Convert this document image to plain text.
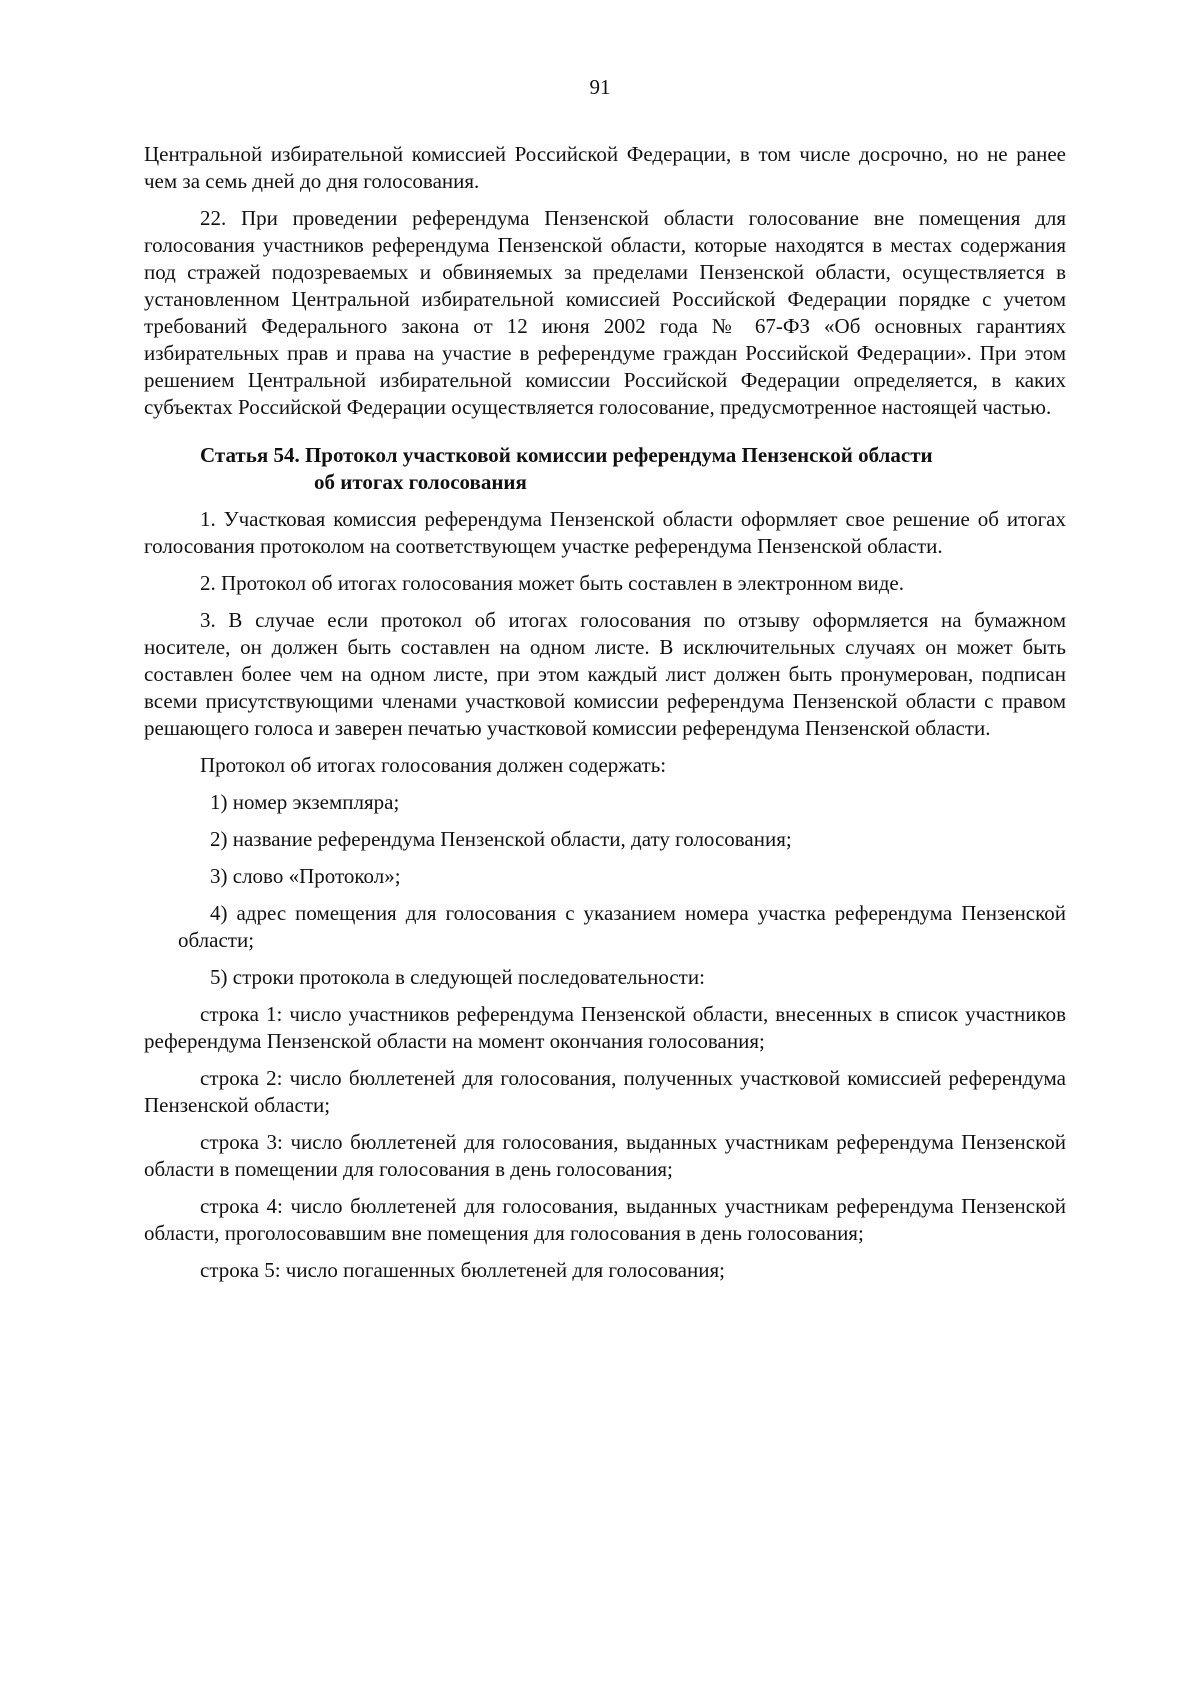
91

Центральной избирательной комиссией Российской Федерации, в том числе досрочно, но не ранее чем за семь дней до дня голосования.

22. При проведении референдума Пензенской области голосование вне помещения для голосования участников референдума Пензенской области, которые находятся в местах содержания под стражей подозреваемых и обвиняемых за пределами Пензенской области, осуществляется в установленном Центральной избирательной комиссией Российской Федерации порядке с учетом требований Федерального закона от 12 июня 2002 года № 67-ФЗ «Об основных гарантиях избирательных прав и права на участие в референдуме граждан Российской Федерации». При этом решением Центральной избирательной комиссии Российской Федерации определяется, в каких субъектах Российской Федерации осуществляется голосование, предусмотренное настоящей частью.

Статья 54. Протокол участковой комиссии референдума Пензенской области
об итогах голосования

1. Участковая комиссия референдума Пензенской области оформляет свое решение об итогах голосования протоколом на соответствующем участке референдума Пензенской области.

2. Протокол об итогах голосования может быть составлен в электронном виде.

3. В случае если протокол об итогах голосования по отзыву оформляется на бумажном носителе, он должен быть составлен на одном листе. В исключительных случаях он может быть составлен более чем на одном листе, при этом каждый лист должен быть пронумерован, подписан всеми присутствующими членами участковой комиссии референдума Пензенской области с правом решающего голоса и заверен печатью участковой комиссии референдума Пензенской области.

Протокол об итогах голосования должен содержать:

1) номер экземпляра;

2) название референдума Пензенской области, дату голосования;

3) слово «Протокол»;

4) адрес помещения для голосования с указанием номера участка референдума Пензенской области;

5) строки протокола в следующей последовательности:

строка 1: число участников референдума Пензенской области, внесенных в список участников референдума Пензенской области на момент окончания голосования;

строка 2: число бюллетеней для голосования, полученных участковой комиссией референдума Пензенской области;

строка 3: число бюллетеней для голосования, выданных участникам референдума Пензенской области в помещении для голосования в день голосования;

строка 4: число бюллетеней для голосования, выданных участникам референдума Пензенской области, проголосовавшим вне помещения для голосования в день голосования;

строка 5: число погашенных бюллетеней для голосования;
